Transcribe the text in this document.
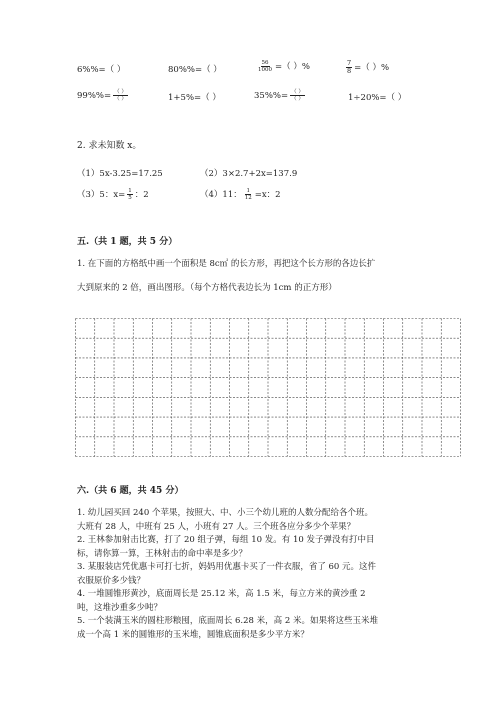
6%%=（ ）	80%%=（ ）	$\frac{56}{1000}$ =（ ）%	$\frac{7}{8}$ =（ ）%
$99\%\%= \frac{( )}{( )}$	1+5%=（ ）	$35\%\%= \frac{( )}{( )}$	1÷20%=（ ）
2. 求未知数 x。
（1）5x-3.25=17.25	（2）3×2.7+2x=137.9
（3）5：$x= \frac{1}{5}$ ：2	（4）11： $\frac{1}{12} =x$：2
五.（共 1 题，共 5 分）
1. 在下面的方格纸中画一个面积是 8c㎡ 的长方形，再把这个长方形的各边长扩
大到原来的 2 倍，画出图形。（每个方格代表边长为 1cm 的正方形）
六.（共 6 题，共 45 分）
1. 幼儿园买回 240 个苹果，按照大、中、小三个幼儿班的人数分配给各个班。
大班有 28 人，中班有 25 人，小班有 27 人。三个班各应分多少个苹果？
2. 王林参加射击比赛，打了 20 组子弹，每组 10 发。有 10 发子弹没有打中目
标，请你算一算，王林射击的命中率是多少？
3. 某服装店凭优惠卡可打七折，妈妈用优惠卡买了一件衣服，省了 60 元。这件
衣服原价多少钱？
4. 一堆圆锥形黄沙，底面周长是 25.12 米，高 1.5 米，每立方米的黄沙重 2
吨，这堆沙重多少吨？
5. 一个装满玉米的圆柱形粮囤，底面周长 6.28 米，高 2 米。如果将这些玉米堆
成一个高 1 米的圆锥形的玉米堆，圆锥底面积是多少平方米？
